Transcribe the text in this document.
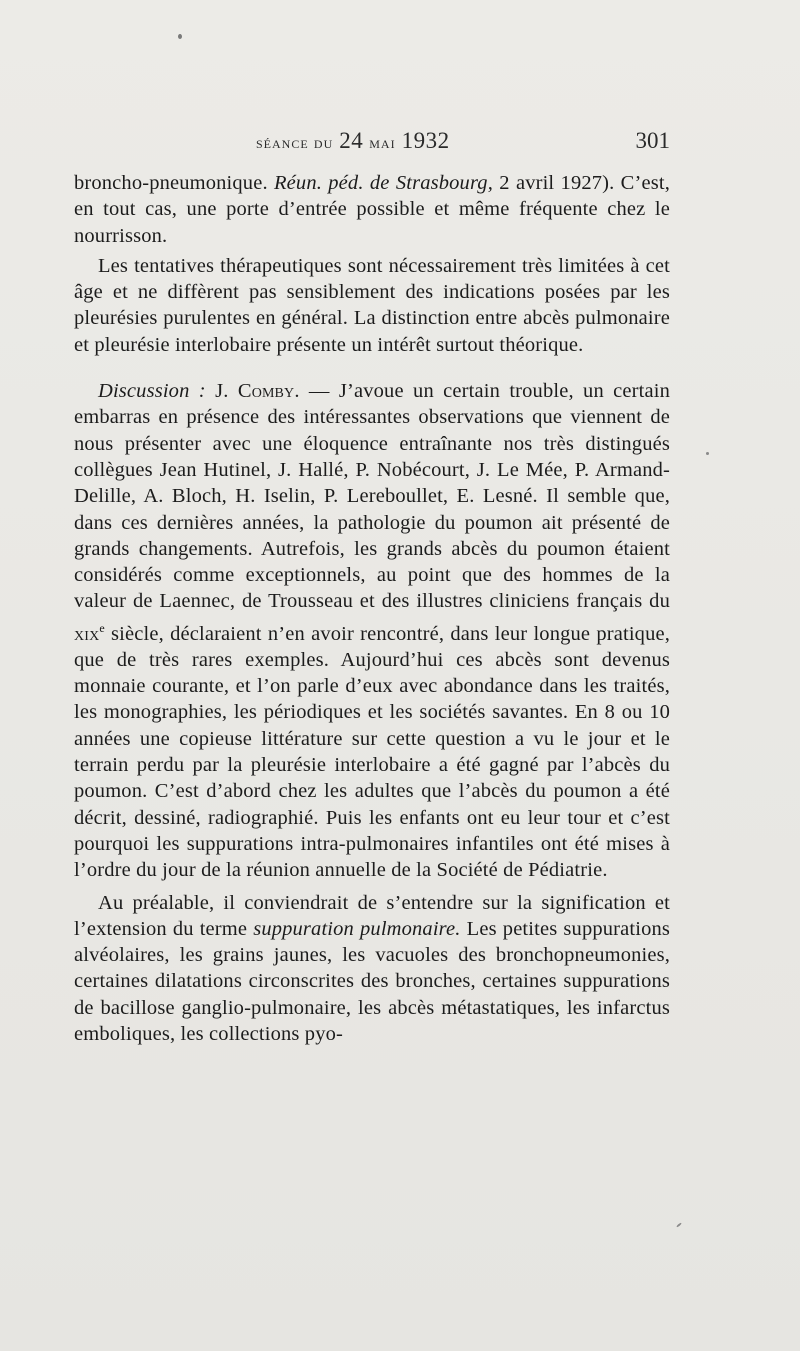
séance du 24 mai 1932	301

broncho-pneumonique. Réun. péd. de Strasbourg, 2 avril 1927). C’est, en tout cas, une porte d’entrée possible et même fréquente chez le nourrisson.

Les tentatives thérapeutiques sont nécessairement très limitées à cet âge et ne diffèrent pas sensiblement des indications posées par les pleurésies purulentes en général. La distinction entre abcès pulmonaire et pleurésie interlobaire présente un intérêt surtout théorique.

Discussion : J. Comby. — J’avoue un certain trouble, un certain embarras en présence des intéressantes observations que viennent de nous présenter avec une éloquence entraînante nos très distingués collègues Jean Hutinel, J. Hallé, P. Nobécourt, J. Le Mée, P. Armand-Delille, A. Bloch, H. Iselin, P. Lereboullet, E. Lesné. Il semble que, dans ces dernières années, la pathologie du poumon ait présenté de grands changements. Autrefois, les grands abcès du poumon étaient considérés comme exceptionnels, au point que des hommes de la valeur de Laennec, de Trousseau et des illustres cliniciens français du xix$^e$ siècle, déclaraient n’en avoir rencontré, dans leur longue pratique, que de très rares exemples. Aujourd’hui ces abcès sont devenus monnaie courante, et l’on parle d’eux avec abondance dans les traités, les monographies, les périodiques et les sociétés savantes. En 8 ou 10 années une copieuse littérature sur cette question a vu le jour et le terrain perdu par la pleurésie interlobaire a été gagné par l’abcès du poumon. C’est d’abord chez les adultes que l’abcès du poumon a été décrit, dessiné, radiographié. Puis les enfants ont eu leur tour et c’est pourquoi les suppurations intra-pulmonaires infantiles ont été mises à l’ordre du jour de la réunion annuelle de la Société de Pédiatrie.

Au préalable, il conviendrait de s’entendre sur la signification et l’extension du terme suppuration pulmonaire. Les petites suppurations alvéolaires, les grains jaunes, les vacuoles des bronchopneumonies, certaines dilatations circonscrites des bronches, certaines suppurations de bacillose ganglio-pulmonaire, les abcès métastatiques, les infarctus emboliques, les collections pyo-
